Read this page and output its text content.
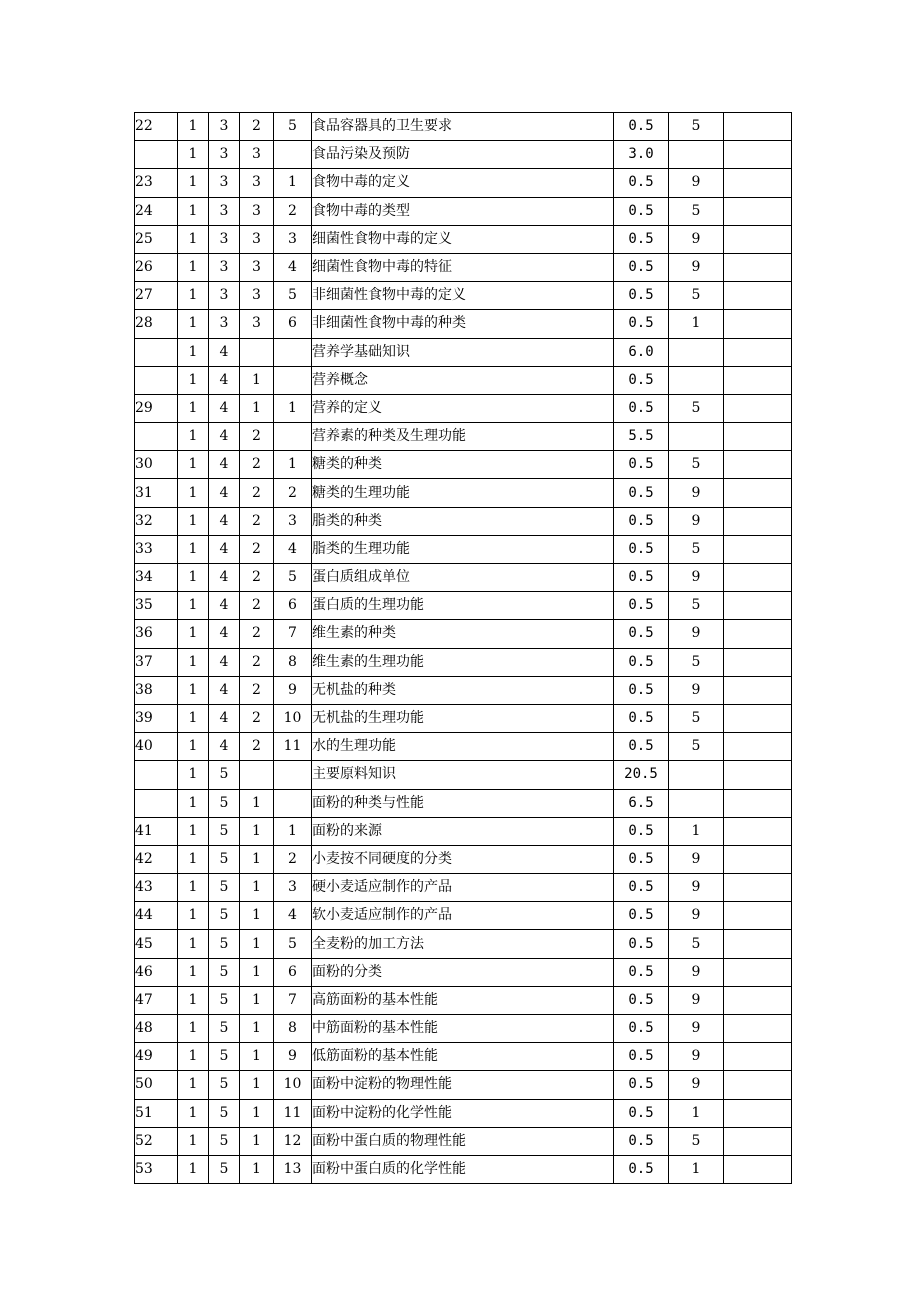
22	1	3	2	5	食品容器具的卫生要求	0.5	5	
	1	3	3		食品污染及预防	3.0		
23	1	3	3	1	食物中毒的定义	0.5	9	
24	1	3	3	2	食物中毒的类型	0.5	5	
25	1	3	3	3	细菌性食物中毒的定义	0.5	9	
26	1	3	3	4	细菌性食物中毒的特征	0.5	9	
27	1	3	3	5	非细菌性食物中毒的定义	0.5	5	
28	1	3	3	6	非细菌性食物中毒的种类	0.5	1	
	1	4			营养学基础知识	6.0		
	1	4	1		营养概念	0.5		
29	1	4	1	1	营养的定义	0.5	5	
	1	4	2		营养素的种类及生理功能	5.5		
30	1	4	2	1	糖类的种类	0.5	5	
31	1	4	2	2	糖类的生理功能	0.5	9	
32	1	4	2	3	脂类的种类	0.5	9	
33	1	4	2	4	脂类的生理功能	0.5	5	
34	1	4	2	5	蛋白质组成单位	0.5	9	
35	1	4	2	6	蛋白质的生理功能	0.5	5	
36	1	4	2	7	维生素的种类	0.5	9	
37	1	4	2	8	维生素的生理功能	0.5	5	
38	1	4	2	9	无机盐的种类	0.5	9	
39	1	4	2	10	无机盐的生理功能	0.5	5	
40	1	4	2	11	水的生理功能	0.5	5	
	1	5			主要原料知识	20.5		
	1	5	1		面粉的种类与性能	6.5		
41	1	5	1	1	面粉的来源	0.5	1	
42	1	5	1	2	小麦按不同硬度的分类	0.5	9	
43	1	5	1	3	硬小麦适应制作的产品	0.5	9	
44	1	5	1	4	软小麦适应制作的产品	0.5	9	
45	1	5	1	5	全麦粉的加工方法	0.5	5	
46	1	5	1	6	面粉的分类	0.5	9	
47	1	5	1	7	高筋面粉的基本性能	0.5	9	
48	1	5	1	8	中筋面粉的基本性能	0.5	9	
49	1	5	1	9	低筋面粉的基本性能	0.5	9	
50	1	5	1	10	面粉中淀粉的物理性能	0.5	9	
51	1	5	1	11	面粉中淀粉的化学性能	0.5	1	
52	1	5	1	12	面粉中蛋白质的物理性能	0.5	5	
53	1	5	1	13	面粉中蛋白质的化学性能	0.5	1	
